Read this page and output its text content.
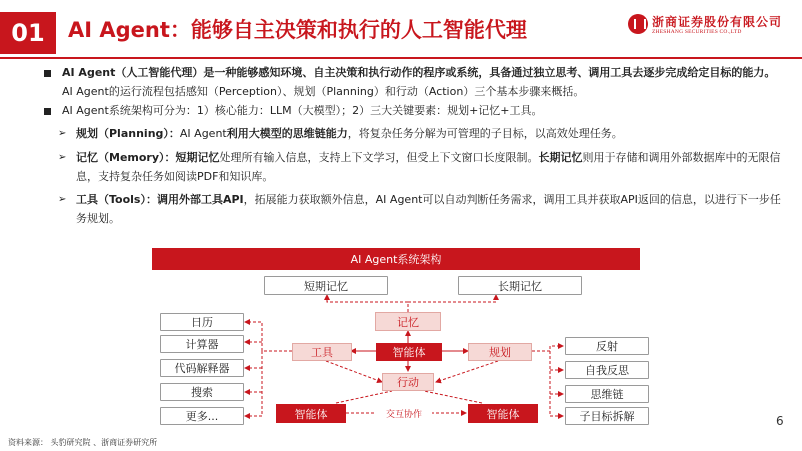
01	AI Agent：能够自主决策和执行的人工智能代理	浙商证券股份有限公司
ZHESHANG SECURITIES CO.,LTD
AI Agent（人工智能代理）是一种能够感知环境、自主决策和执行动作的程序或系统，具备通过独立思考、调用工具去逐步完成给定目标的能力。AI Agent的运行流程包括感知（Perception）、规划（Planning）和行动（Action）三个基本步骤来概括。
AI Agent系统架构可分为：1）核心能力：LLM（大模型）；2）三大关键要素：规划+记忆+工具。
➢ 规划（Planning）：AI Agent利用大模型的思维链能力，将复杂任务分解为可管理的子目标，以高效处理任务。
➢ 记忆（Memory）：短期记忆处理所有输入信息，支持上下文学习，但受上下文窗口长度限制。长期记忆则用于存储和调用外部数据库中的无限信息，支持复杂任务如阅读PDF和知识库。
➢ 工具（Tools）：调用外部工具API，拓展能力获取额外信息，AI Agent可以自动判断任务需求，调用工具并获取API返回的信息，以进行下一步任务规划。
AI Agent系统架构
短期记忆	长期记忆
记忆
工具	智能体	规划
行动
智能体	智能体
交互协作
日历
计算器
代码解释器
搜索
更多...
反射
自我反思
思维链
子目标拆解	6
资料来源： 头豹研究院 、浙商证券研究所
